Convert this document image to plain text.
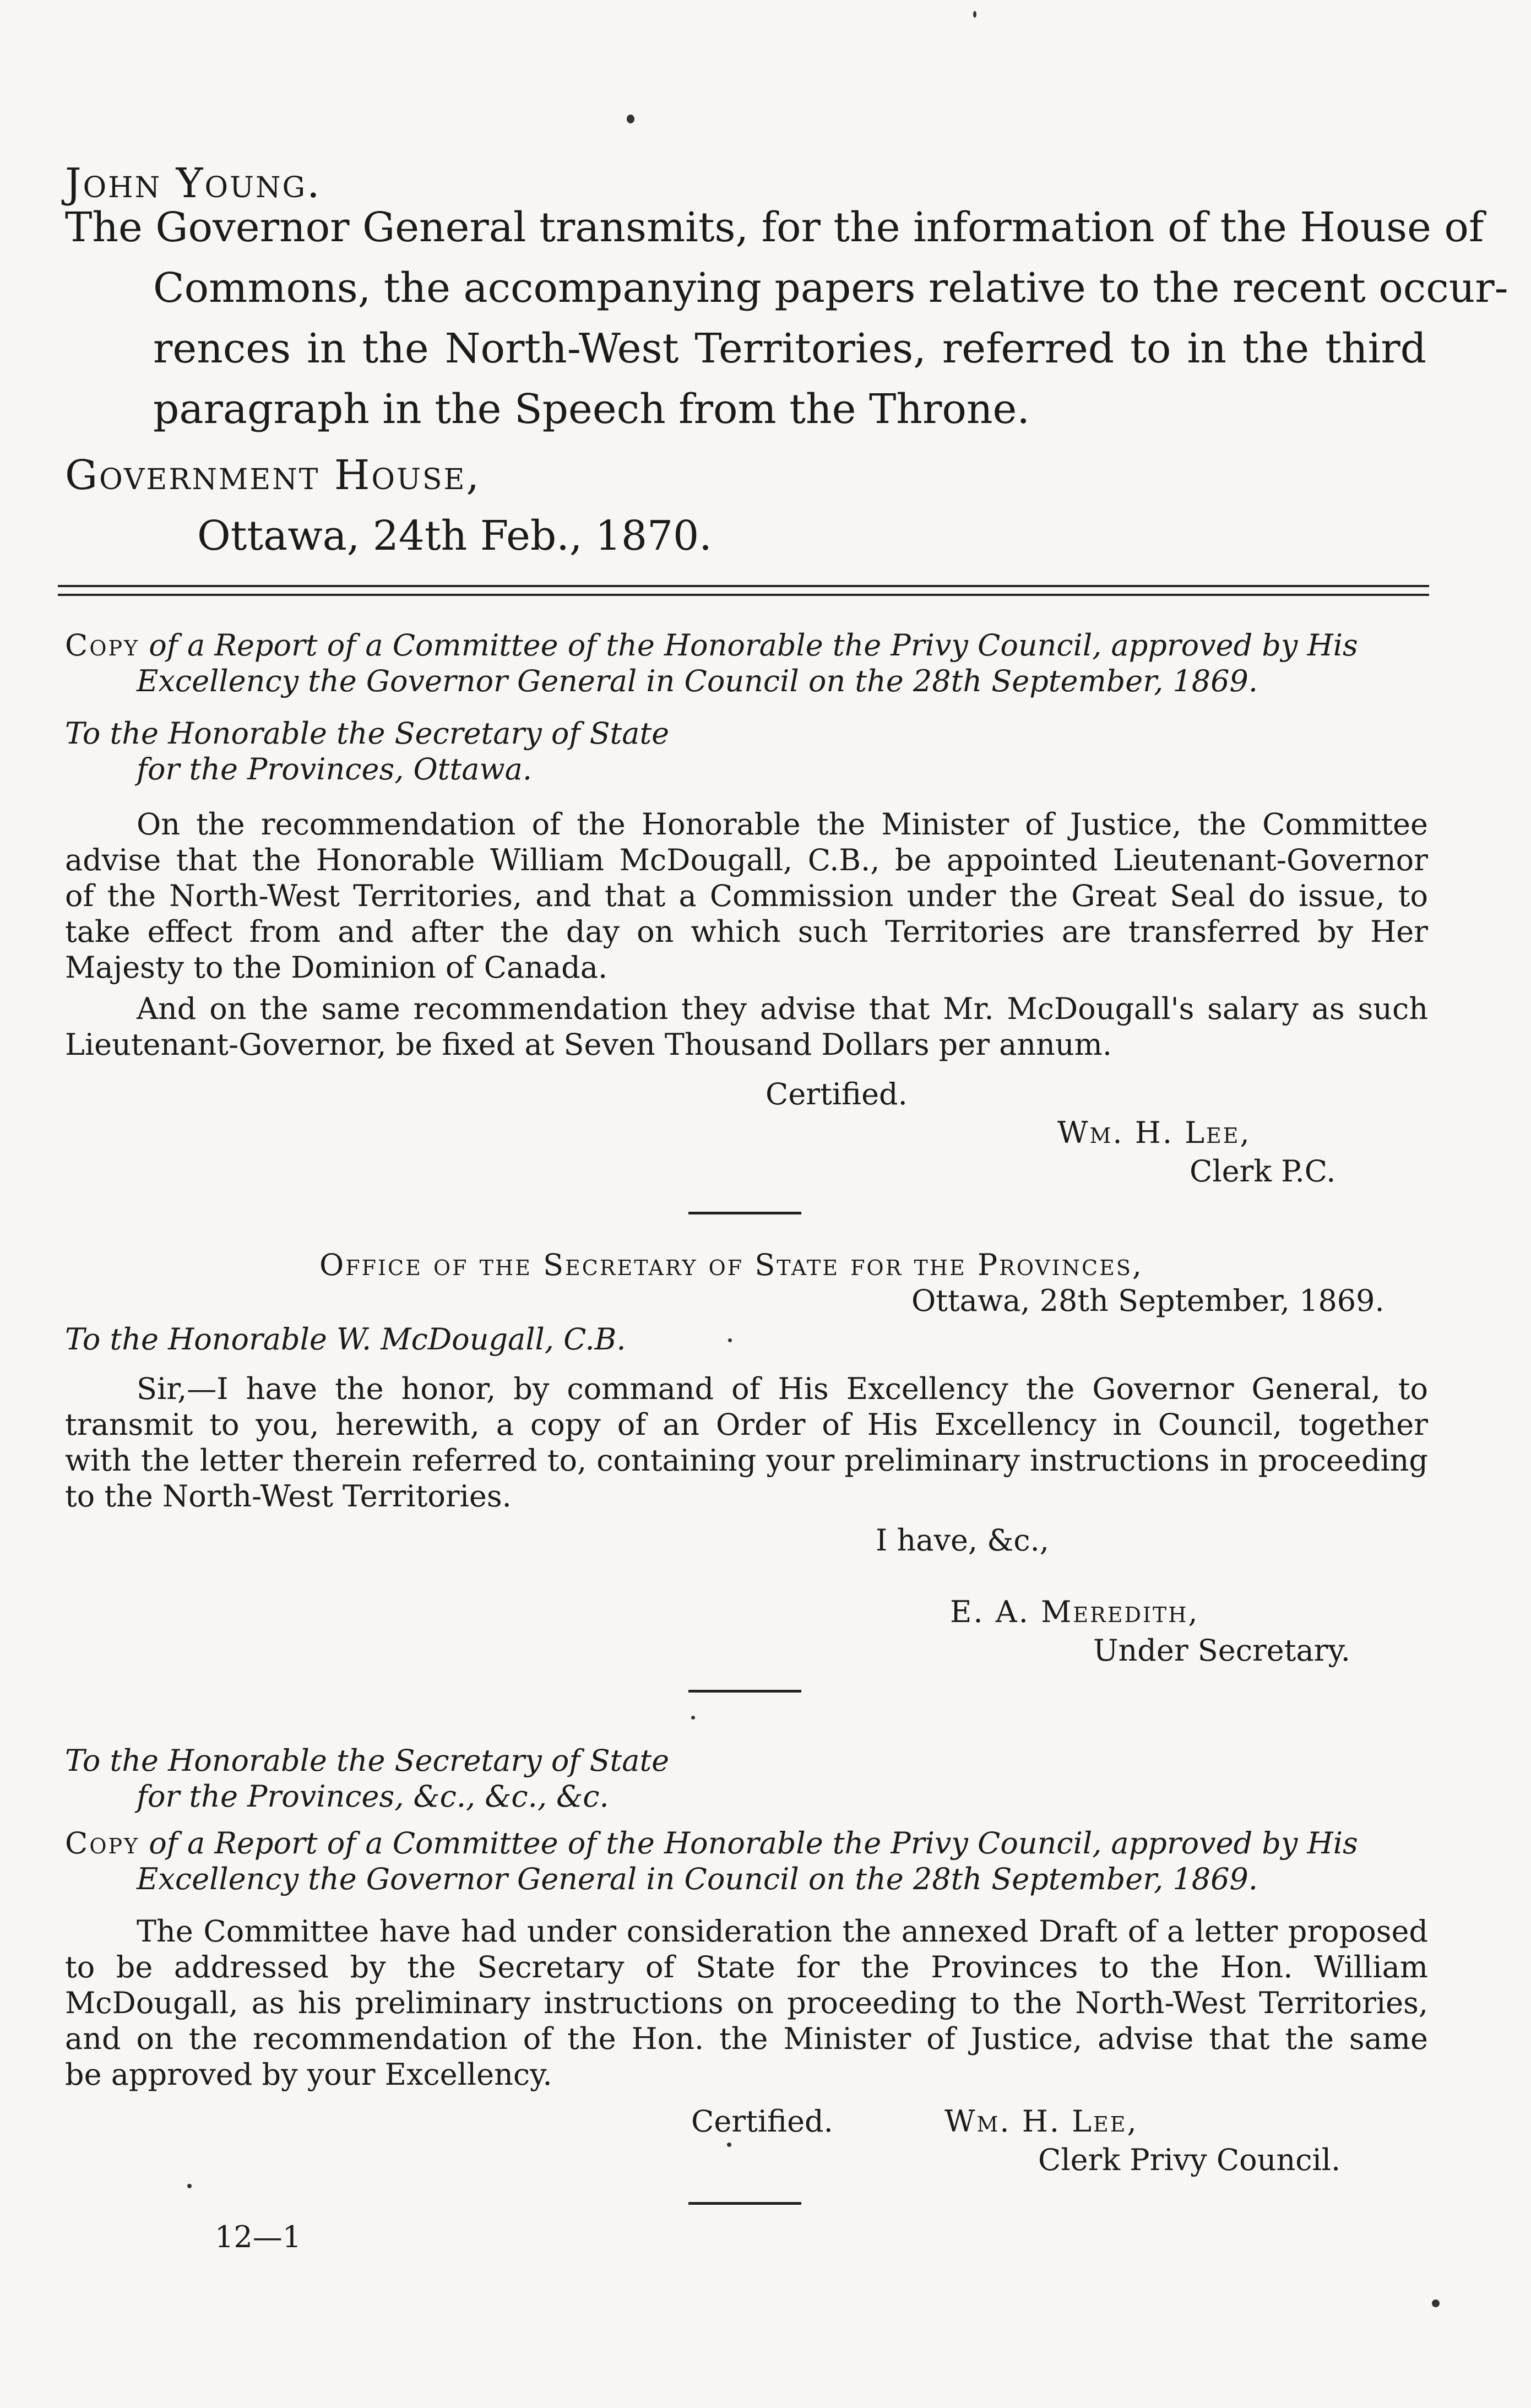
John Young.
The Governor General transmits, for the information of the House of
Commons, the accompanying papers relative to the recent occur-
rences in the North-West Territories, referred to in the third
paragraph in the Speech from the Throne.
Government House,
Ottawa, 24th Feb., 1870.
Copy of a Report of a Committee of the Honorable the Privy Council, approved by His
Excellency the Governor General in Council on the 28th September, 1869.
To the Honorable the Secretary of State
for the Provinces, Ottawa.
On the recommendation of the Honorable the Minister of Justice, the Committee
advise that the Honorable William McDougall, C.B., be appointed Lieutenant-Governor
of the North-West Territories, and that a Commission under the Great Seal do issue, to
take effect from and after the day on which such Territories are transferred by Her
Majesty to the Dominion of Canada.
And on the same recommendation they advise that Mr. McDougall's salary as such
Lieutenant-Governor, be fixed at Seven Thousand Dollars per annum.
Certified.
Wm. H. Lee,
Clerk P.C.
Office of the Secretary of State for the Provinces,
Ottawa, 28th September, 1869.
To the Honorable W. McDougall, C.B.
Sir,—I have the honor, by command of His Excellency the Governor General, to
transmit to you, herewith, a copy of an Order of His Excellency in Council, together
with the letter therein referred to, containing your preliminary instructions in proceeding
to the North-West Territories.
I have, &c.,
E. A. Meredith,
Under Secretary.
To the Honorable the Secretary of State
for the Provinces, &c., &c., &c.
Copy of a Report of a Committee of the Honorable the Privy Council, approved by His
Excellency the Governor General in Council on the 28th September, 1869.
The Committee have had under consideration the annexed Draft of a letter proposed
to be addressed by the Secretary of State for the Provinces to the Hon. William
McDougall, as his preliminary instructions on proceeding to the North-West Territories,
and on the recommendation of the Hon. the Minister of Justice, advise that the same
be approved by your Excellency.
Certified.	Wm. H. Lee,
Clerk Privy Council.
12—1
